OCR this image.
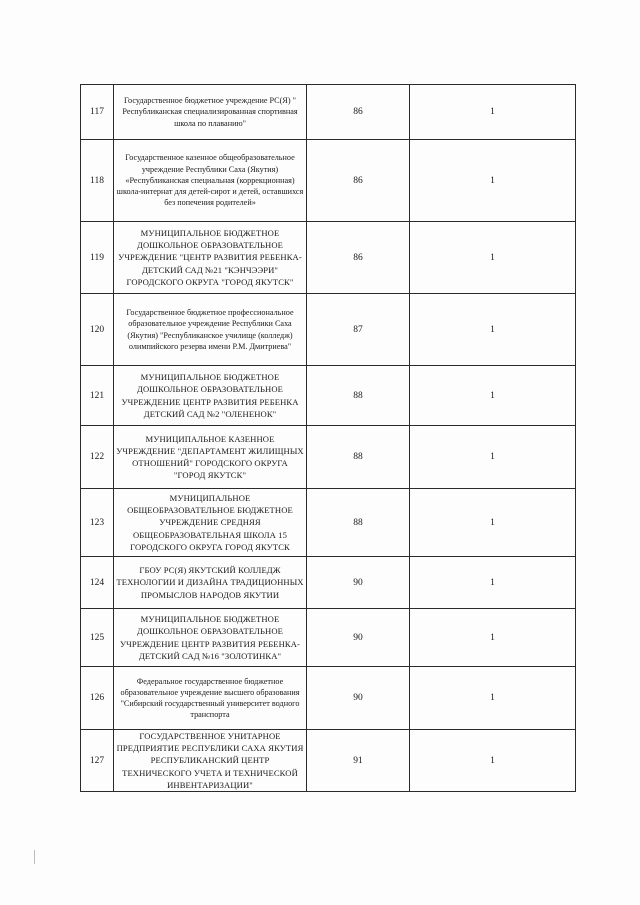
117	Государственное бюджетное учреждение РС(Я) " Республиканская специализированная спортивная школа по плаванию"	86	1
118	Государственное казенное общеобразовательное учреждение Республики Саха (Якутия) «Республиканская специальная (коррекционная) школа-интернат для детей-сирот и детей, оставшихся без попечения родителей»	86	1
119	МУНИЦИПАЛЬНОЕ БЮДЖЕТНОЕ ДОШКОЛЬНОЕ ОБРАЗОВАТЕЛЬНОЕ УЧРЕЖДЕНИЕ "ЦЕНТР РАЗВИТИЯ РЕБЕНКА-ДЕТСКИЙ САД №21 "КЭНЧЭЭРИ" ГОРОДСКОГО ОКРУГА "ГОРОД ЯКУТСК"	86	1
120	Государственное бюджетное профессиональное образовательное учреждение Республики Саха (Якутия) "Республиканское училище (колледж) олимпийского резерва имени Р.М. Дмитриева"	87	1
121	МУНИЦИПАЛЬНОЕ БЮДЖЕТНОЕ ДОШКОЛЬНОЕ ОБРАЗОВАТЕЛЬНОЕ УЧРЕЖДЕНИЕ ЦЕНТР РАЗВИТИЯ РЕБЕНКА ДЕТСКИЙ САД №2 "ОЛЕНЕНОК"	88	1
122	МУНИЦИПАЛЬНОЕ КАЗЕННОЕ УЧРЕЖДЕНИЕ "ДЕПАРТАМЕНТ ЖИЛИЩНЫХ ОТНОШЕНИЙ" ГОРОДСКОГО ОКРУГА "ГОРОД ЯКУТСК"	88	1
123	МУНИЦИПАЛЬНОЕ ОБЩЕОБРАЗОВАТЕЛЬНОЕ БЮДЖЕТНОЕ УЧРЕЖДЕНИЕ СРЕДНЯЯ ОБЩЕОБРАЗОВАТЕЛЬНАЯ ШКОЛА 15 ГОРОДСКОГО ОКРУГА ГОРОД ЯКУТСК	88	1
124	ГБОУ РС(Я) ЯКУТСКИЙ КОЛЛЕДЖ ТЕХНОЛОГИИ И ДИЗАЙНА ТРАДИЦИОННЫХ ПРОМЫСЛОВ НАРОДОВ ЯКУТИИ	90	1
125	МУНИЦИПАЛЬНОЕ БЮДЖЕТНОЕ ДОШКОЛЬНОЕ ОБРАЗОВАТЕЛЬНОЕ УЧРЕЖДЕНИЕ ЦЕНТР РАЗВИТИЯ РЕБЕНКА-ДЕТСКИЙ САД №16 "ЗОЛОТИНКА"	90	1
126	Федеральное государственное бюджетное образовательное учреждение высшего образования "Сибирский государственный университет водного транспорта	90	1
127	ГОСУДАРСТВЕННОЕ УНИТАРНОЕ ПРЕДПРИЯТИЕ РЕСПУБЛИКИ САХА ЯКУТИЯ РЕСПУБЛИКАНСКИЙ ЦЕНТР ТЕХНИЧЕСКОГО УЧЕТА И ТЕХНИЧЕСКОЙ ИНВЕНТАРИЗАЦИИ"	91	1
